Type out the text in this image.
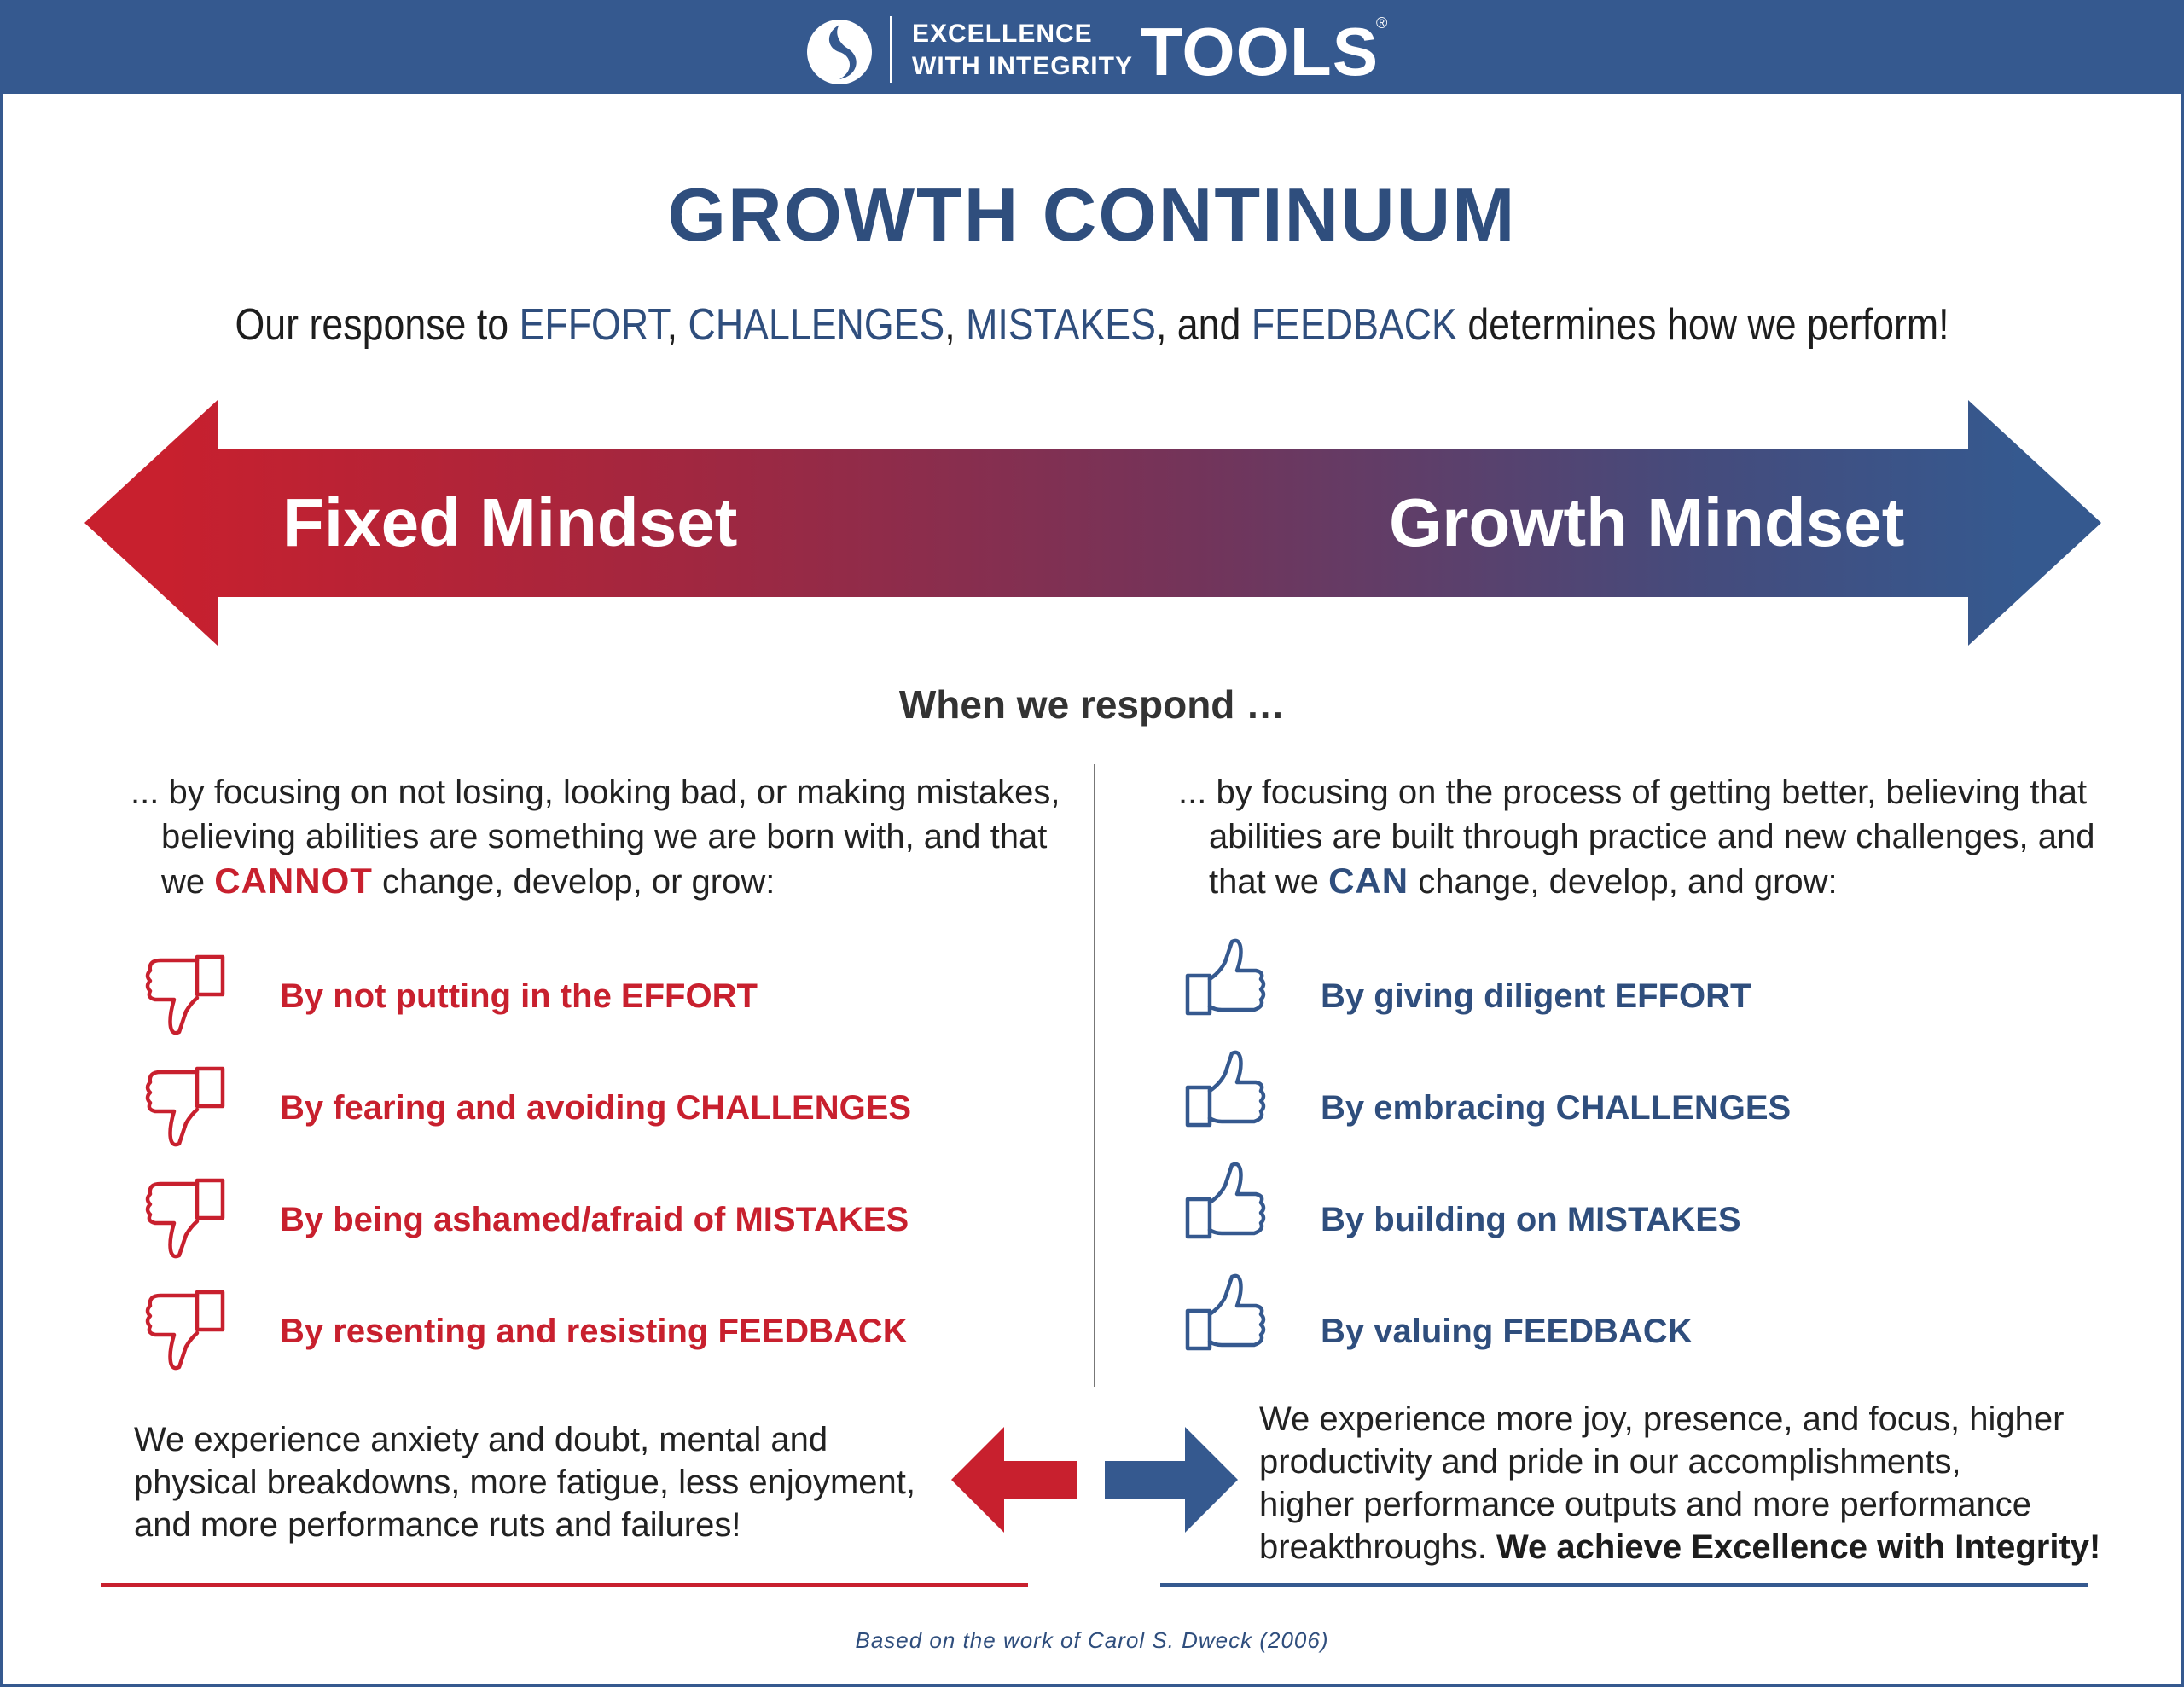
EXCELLENCE
WITH INTEGRITY TOOLS
®
GROWTH CONTINUUM
Our response to EFFORT, CHALLENGES, MISTAKES, and FEEDBACK determines how we perform!
Fixed Mindset	Growth Mindset
When we respond …
... by focusing on not losing, looking bad, or making mistakes,
believing abilities are something we are born with, and that
we CANNOT change, develop, or grow:
... by focusing on the process of getting better, believing that
abilities are built through practice and new challenges, and
that we CAN change, develop, and grow:
By not putting in the EFFORT
By fearing and avoiding CHALLENGES
By being ashamed/afraid of MISTAKES
By resenting and resisting FEEDBACK
By giving diligent EFFORT
By embracing CHALLENGES
By building on MISTAKES
By valuing FEEDBACK
We experience anxiety and doubt, mental and
physical breakdowns, more fatigue, less enjoyment,
and more performance ruts and failures!
We experience more joy, presence, and focus, higher
productivity and pride in our accomplishments,
higher performance outputs and more performance
breakthroughs. We achieve Excellence with Integrity!
Based on the work of Carol S. Dweck (2006)
